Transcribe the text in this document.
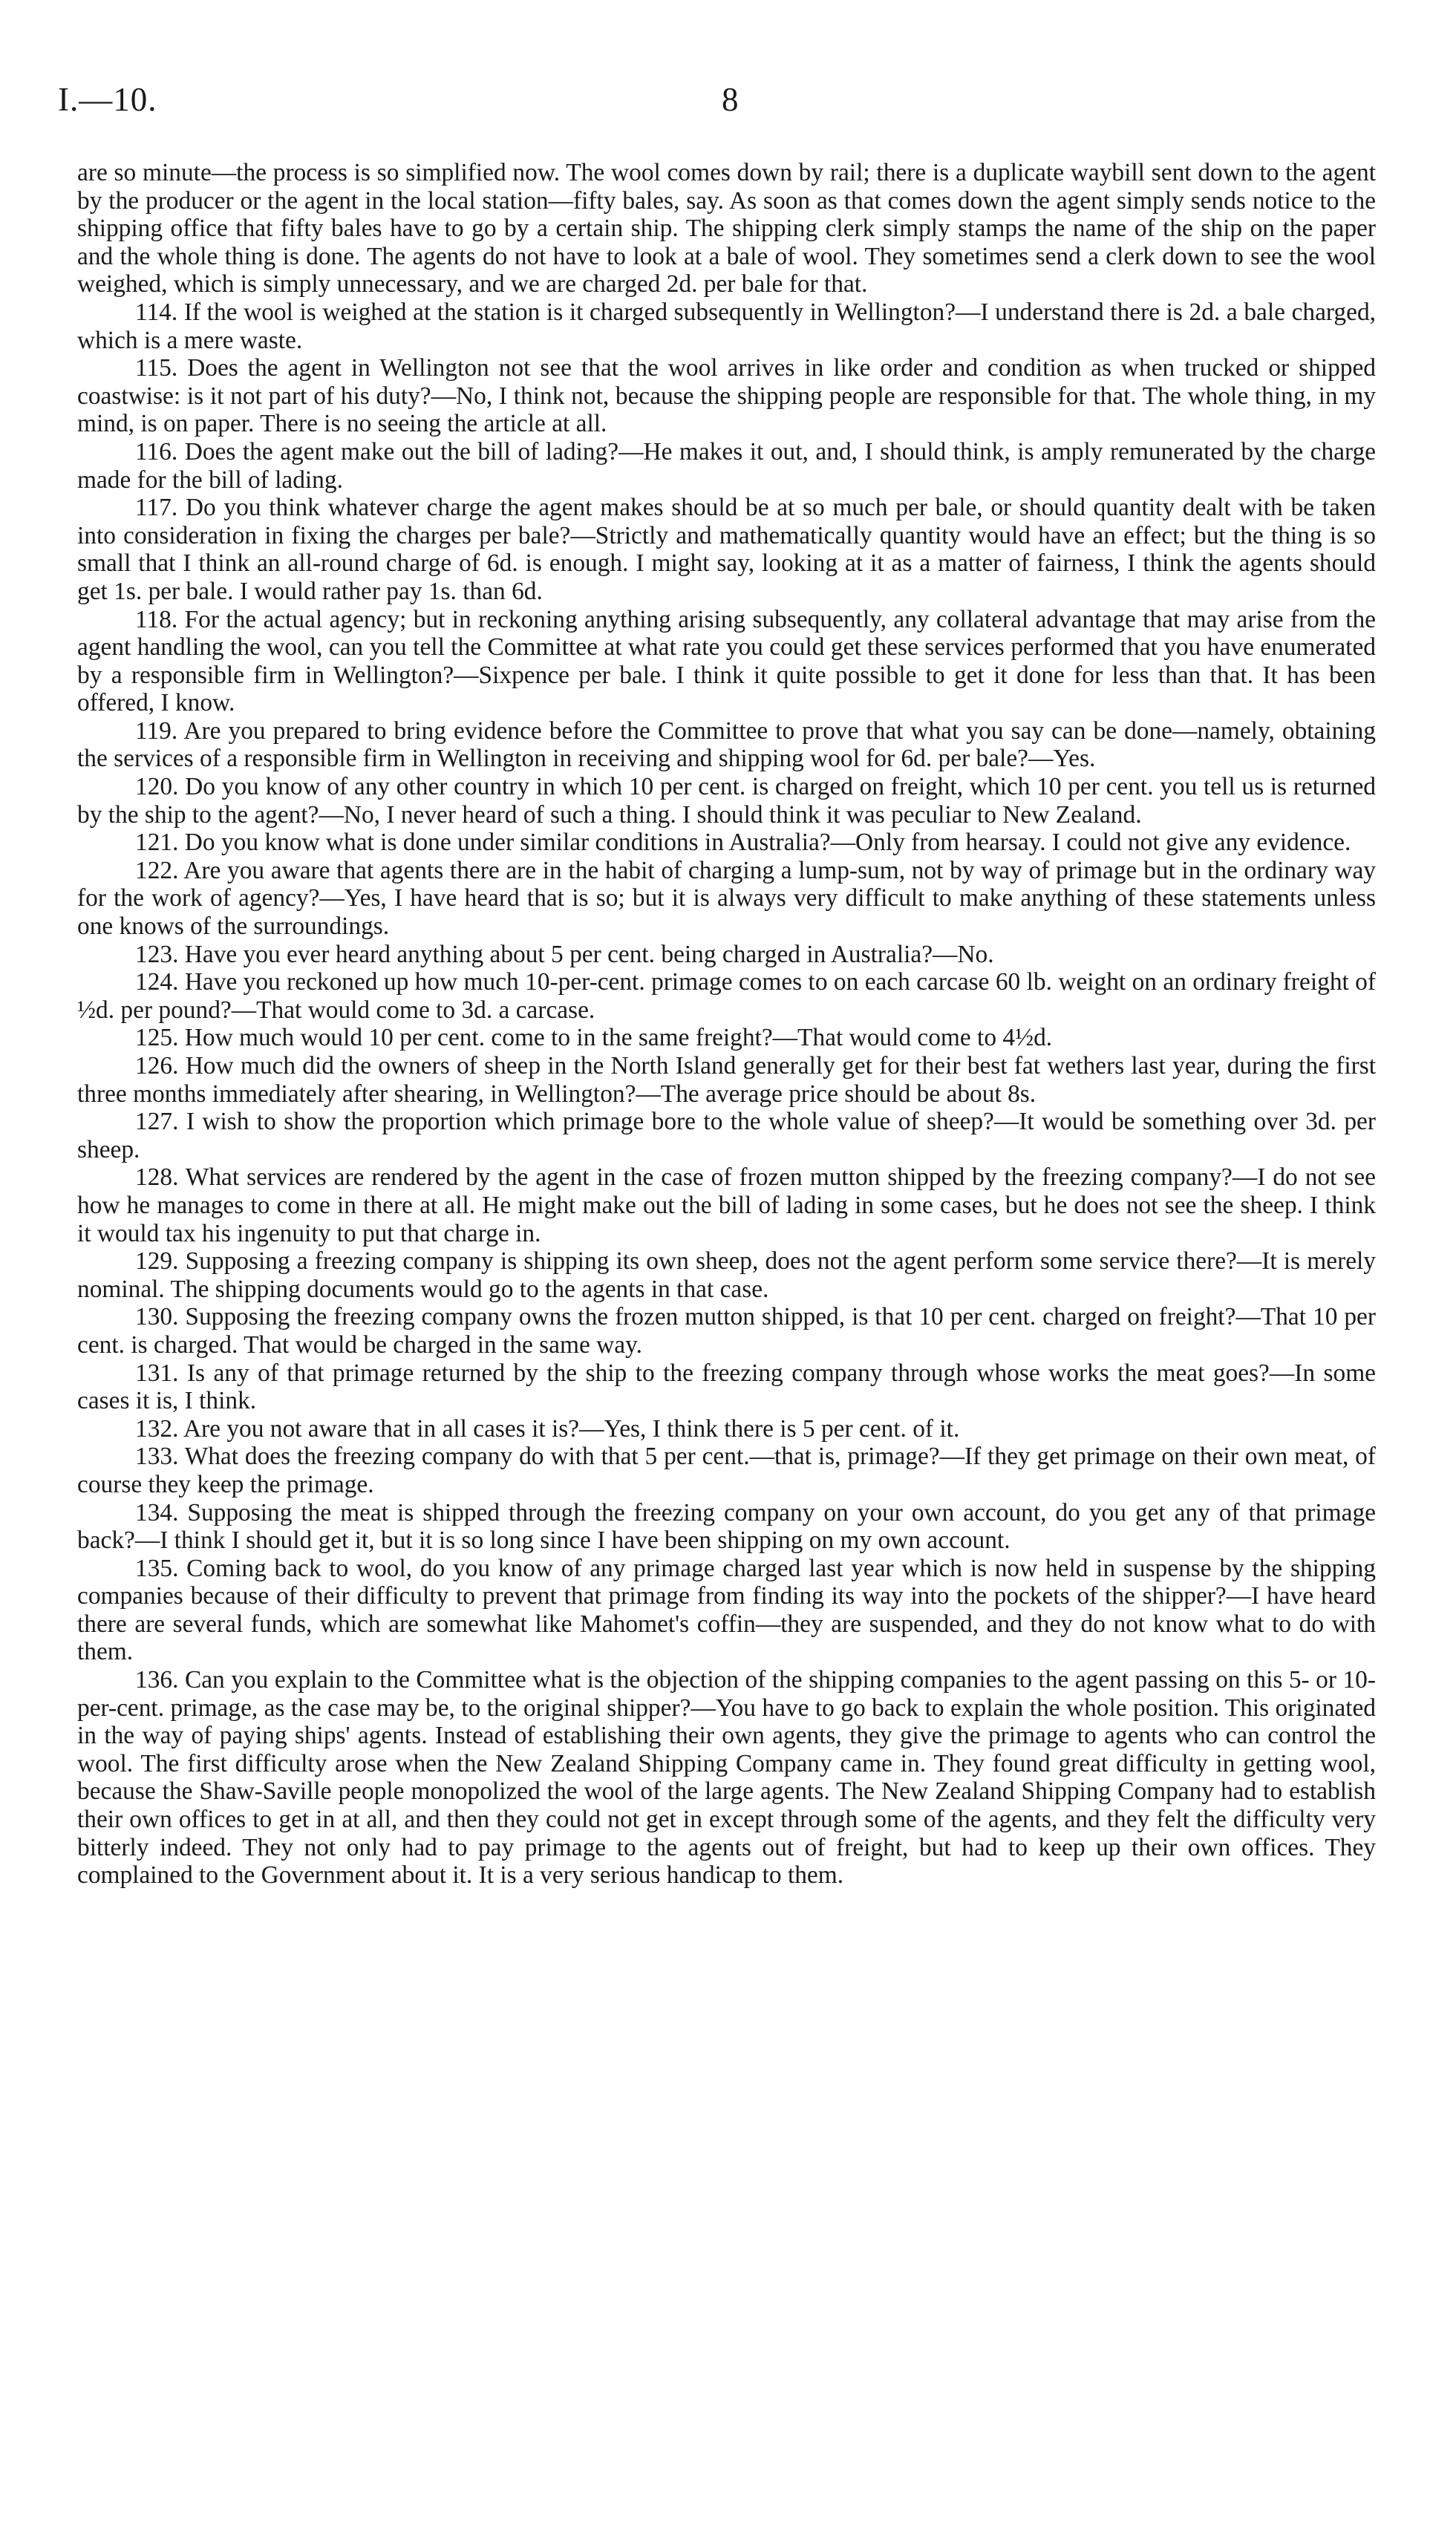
I.—10.	8

are so minute—the process is so simplified now. The wool comes down by rail; there is a duplicate waybill sent down to the agent by the producer or the agent in the local station—fifty bales, say. As soon as that comes down the agent simply sends notice to the shipping office that fifty bales have to go by a certain ship. The shipping clerk simply stamps the name of the ship on the paper and the whole thing is done. The agents do not have to look at a bale of wool. They sometimes send a clerk down to see the wool weighed, which is simply unnecessary, and we are charged 2d. per bale for that.

114. If the wool is weighed at the station is it charged subsequently in Wellington?—I understand there is 2d. a bale charged, which is a mere waste.

115. Does the agent in Wellington not see that the wool arrives in like order and condition as when trucked or shipped coastwise: is it not part of his duty?—No, I think not, because the shipping people are responsible for that. The whole thing, in my mind, is on paper. There is no seeing the article at all.

116. Does the agent make out the bill of lading?—He makes it out, and, I should think, is amply remunerated by the charge made for the bill of lading.

117. Do you think whatever charge the agent makes should be at so much per bale, or should quantity dealt with be taken into consideration in fixing the charges per bale?—Strictly and mathematically quantity would have an effect; but the thing is so small that I think an all-round charge of 6d. is enough. I might say, looking at it as a matter of fairness, I think the agents should get 1s. per bale. I would rather pay 1s. than 6d.

118. For the actual agency; but in reckoning anything arising subsequently, any collateral advantage that may arise from the agent handling the wool, can you tell the Committee at what rate you could get these services performed that you have enumerated by a responsible firm in Wellington?—Sixpence per bale. I think it quite possible to get it done for less than that. It has been offered, I know.

119. Are you prepared to bring evidence before the Committee to prove that what you say can be done—namely, obtaining the services of a responsible firm in Wellington in receiving and shipping wool for 6d. per bale?—Yes.

120. Do you know of any other country in which 10 per cent. is charged on freight, which 10 per cent. you tell us is returned by the ship to the agent?—No, I never heard of such a thing. I should think it was peculiar to New Zealand.

121. Do you know what is done under similar conditions in Australia?—Only from hearsay. I could not give any evidence.

122. Are you aware that agents there are in the habit of charging a lump-sum, not by way of primage but in the ordinary way for the work of agency?—Yes, I have heard that is so; but it is always very difficult to make anything of these statements unless one knows of the surroundings.

123. Have you ever heard anything about 5 per cent. being charged in Australia?—No.

124. Have you reckoned up how much 10-per-cent. primage comes to on each carcase 60 lb. weight on an ordinary freight of ½d. per pound?—That would come to 3d. a carcase.

125. How much would 10 per cent. come to in the same freight?—That would come to 4½d.

126. How much did the owners of sheep in the North Island generally get for their best fat wethers last year, during the first three months immediately after shearing, in Wellington?—The average price should be about 8s.

127. I wish to show the proportion which primage bore to the whole value of sheep?—It would be something over 3d. per sheep.

128. What services are rendered by the agent in the case of frozen mutton shipped by the freezing company?—I do not see how he manages to come in there at all. He might make out the bill of lading in some cases, but he does not see the sheep. I think it would tax his ingenuity to put that charge in.

129. Supposing a freezing company is shipping its own sheep, does not the agent perform some service there?—It is merely nominal. The shipping documents would go to the agents in that case.

130. Supposing the freezing company owns the frozen mutton shipped, is that 10 per cent. charged on freight?—That 10 per cent. is charged. That would be charged in the same way.

131. Is any of that primage returned by the ship to the freezing company through whose works the meat goes?—In some cases it is, I think.

132. Are you not aware that in all cases it is?—Yes, I think there is 5 per cent. of it.

133. What does the freezing company do with that 5 per cent.—that is, primage?—If they get primage on their own meat, of course they keep the primage.

134. Supposing the meat is shipped through the freezing company on your own account, do you get any of that primage back?—I think I should get it, but it is so long since I have been shipping on my own account.

135. Coming back to wool, do you know of any primage charged last year which is now held in suspense by the shipping companies because of their difficulty to prevent that primage from finding its way into the pockets of the shipper?—I have heard there are several funds, which are somewhat like Mahomet's coffin—they are suspended, and they do not know what to do with them.

136. Can you explain to the Committee what is the objection of the shipping companies to the agent passing on this 5- or 10-per-cent. primage, as the case may be, to the original shipper?—You have to go back to explain the whole position. This originated in the way of paying ships' agents. Instead of establishing their own agents, they give the primage to agents who can control the wool. The first difficulty arose when the New Zealand Shipping Company came in. They found great difficulty in getting wool, because the Shaw-Saville people monopolized the wool of the large agents. The New Zealand Shipping Company had to establish their own offices to get in at all, and then they could not get in except through some of the agents, and they felt the difficulty very bitterly indeed. They not only had to pay primage to the agents out of freight, but had to keep up their own offices. They complained to the Government about it. It is a very serious handicap to them.
